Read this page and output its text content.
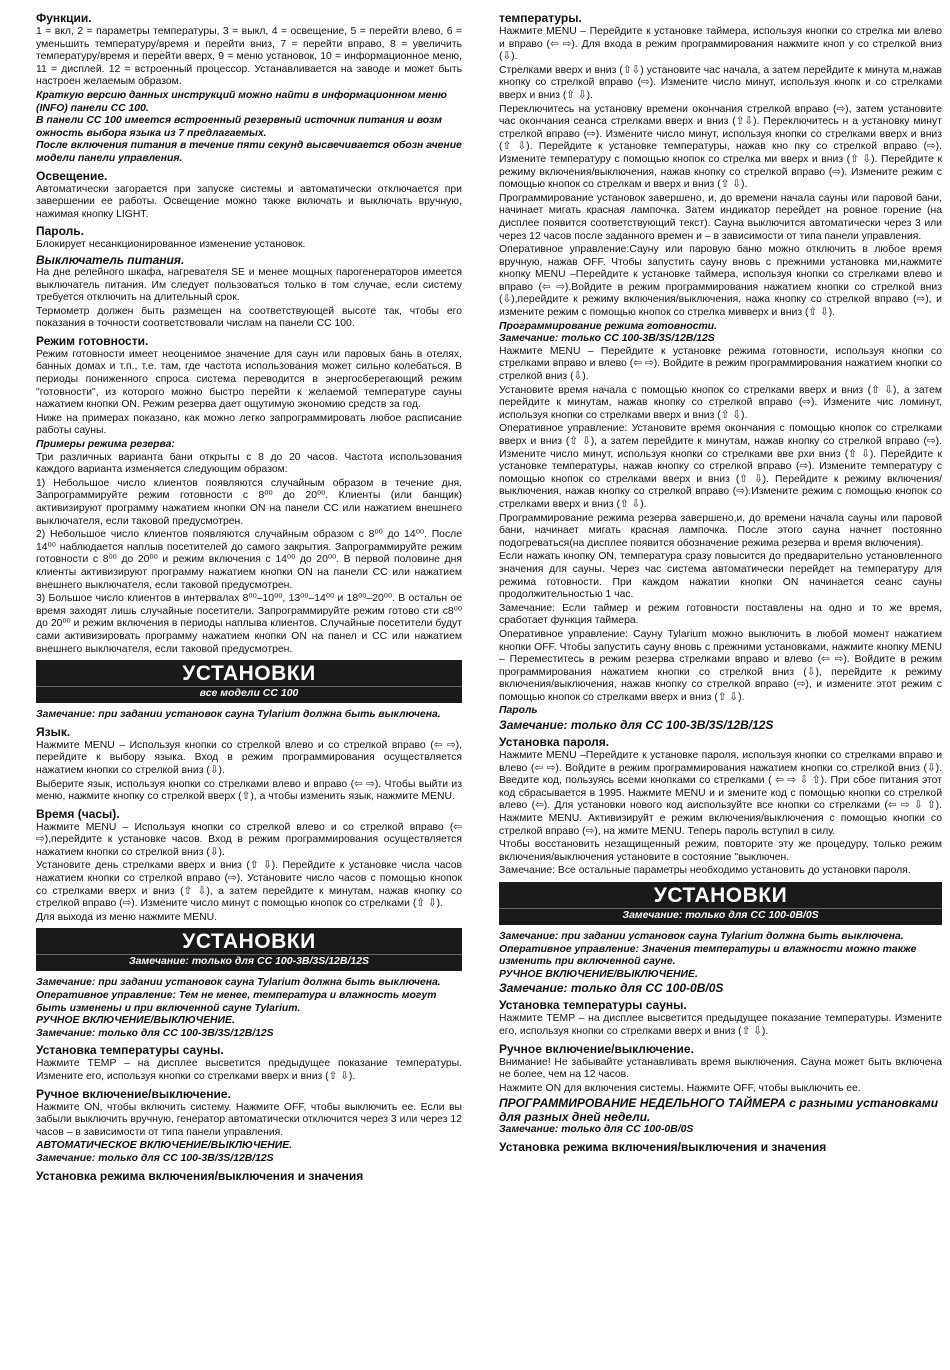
Функции.
1 = вкл, 2 = параметры температуры, 3 = выкл, 4 = освещение, 5 = перейти влево, 6 = уменьшить температуру/время и перейти вниз, 7 = перейти вправо, 8 = увеличить температуру/время и перейти вверх, 9 = меню установок, 10 = информационное меню, 11 = дисплей. 12 = встроенный процессор. Устанавливается на заводе и может быть настроен желаемым образом.
Краткую версию данных инструкций можно найти в информационном меню (INFO) панели CC 100.
В панели CC 100 имеется встроенный резервный источник питания и возм ожность выбора языка из 7 предлагаемых.
После включения питания в течение пяти секунд высвечивается обозн ачение модели панели управления.
Освещение.
Автоматически загорается при запуске системы и автоматически отключается при завершении ее работы. Освещение можно также включать и выключать вручную, нажимая кнопку LIGHT.
Пароль.
Блокирует несанкционированное изменение установок.
Выключатель питания.
На дне релейного шкафа, нагревателя SE и менее мощных парогенераторов имеется выключатель питания. Им следует пользоваться только в том случае, если систему требуется отключить на длительный срок.
Термометр должен быть размещен на соответствующей высоте так, чтобы его показания в точности соответствовали числам на панели CC 100.
Режим готовности.
Режим готовности имеет неоценимое значение для саун или паровых бань в отелях, банных домах и т.п., т.е. там, где частота использования может сильно колебаться. В периоды пониженного спроса система переводится в энергосберегающий режим "готовности", из которого можно быстро перейти к желаемой температуре сауны нажатием кнопки ON. Режим резерва дает ощутимую экономию средств за год.
Ниже на примерах показано, как можно легко запрограммировать любое расписание работы сауны.
Примеры режима резерва:
Три различных варианта бани открыты с 8 до 20 часов. Частота использования каждого варианта изменяется следующим образом:
1) Небольшое число клиентов появляются случайным образом в течение дня. Запрограммируйте режим готовности с 8⁰⁰ до 20⁰⁰. Клиенты (или банщик) активизируют программу нажатием кнопки ON на панели CC или нажатием внешнего выключателя, если таковой предусмотрен.
2) Небольшое число клиентов появляются случайным образом с 8⁰⁰ до 14⁰⁰. После 14⁰⁰ наблюдается наплыв посетителей до самого закрытия. Запрограммируйте режим готовности с 8⁰⁰ до 20⁰⁰ и режим включения с 14⁰⁰ до 20⁰⁰. В первой половине дня клиенты активизируют программу нажатием кнопки ON на панели CC или нажатием внешнего выключателя, если таковой предусмотрен.
3) Большое число клиентов в интервалах 8⁰⁰–10⁰⁰, 13⁰⁰–14⁰⁰ и 18⁰⁰–20⁰⁰. В остальн ое время заходят лишь случайные посетители. Запрограммируйте режим готово сти с8⁰⁰ до 20⁰⁰ и режим включения в периоды наплыва клиентов. Случайные посетители будут сами активизировать программу нажатием кнопки ON на панел и CC или нажатием внешнего выключателя, если таковой предусмотрен.
УСТАНОВКИ
все модели CC 100
Замечание: при задании установок сауна Tylarium должна быть выключена.
Язык.
Нажмите MENU – Используя кнопки со стрелкой влево и со стрелкой вправо (⇦ ⇨), перейдите к выбору языка. Вход в режим программирования осуществляется нажатием кнопки со стрелкой вниз (⇩).
Выберите язык, используя кнопки со стрелками влево и вправо (⇦ ⇨). Чтобы выйти из меню, нажмите кнопку со стрелкой вверх (⇧), а чтобы изменить язык, нажмите MENU.
Время (часы).
Нажмите MENU – Используя кнопки со стрелкой влево и со стрелкой вправо (⇦ ⇨),перейдите к установке часов. Вход в режим программирования осуществляется нажатием кнопки со стрелкой вниз (⇩).
Установите день стрелками вверх и вниз (⇧ ⇩). Перейдите к установке числа часов нажатием кнопки со стрелкой вправо (⇨). Установите число часов с помощью кнопок со стрелками вверх и вниз (⇧ ⇩), а затем перейдите к минутам, нажав кнопку со стрелкой вправо (⇨). Измените число минут с помощью кнопок со стрелками (⇧ ⇩).
Для выхода из меню нажмите MENU.
УСТАНОВКИ
Замечание: только для CC 100-3B/3S/12B/12S
Замечание: при задании установок сауна Tylarium должна быть выключена. Оперативное управление: Тем не менее, температура и влажность могут быть изменены и при включенной сауне Tylarium.
РУЧНОЕ ВКЛЮЧЕНИЕ/ВЫКЛЮЧЕНИЕ.
Замечание: только для CC 100-3B/3S/12B/12S
Установка температуры сауны.
Нажмите TEMP – на дисплее высветится предыдущее показание температуры. Измените его, используя кнопки со стрелками вверх и вниз (⇧ ⇩).
Ручное включение/выключение.
Нажмите ON, чтобы включить систему. Нажмите OFF, чтобы выключить ее. Если вы забыли выключить вручную, генератор автоматически отключится через 3 или через 12 часов – в зависимости от типа панели управления.
АВТОМАТИЧЕСКОЕ ВКЛЮЧЕНИЕ/ВЫКЛЮЧЕНИЕ.
Замечание: только для CC 100-3B/3S/12B/12S
Установка режима включения/выключения и значения
температуры.
Нажмите MENU – Перейдите к установке таймера, используя кнопки со стрелка ми влево и вправо (⇦ ⇨). Для входа в режим программирования нажмите кноп у со стрелкой вниз (⇩).
Стрелками вверх и вниз (⇧⇩) установите час начала, а затем перейдите к минута м,нажав кнопку со стрелкой вправо (⇨). Измените число минут, используя кнопк и со стрелками вверх и вниз (⇧ ⇩).
Переключитесь на установку времени окончания стрелкой вправо (⇨), затем установите час окончания сеанса стрелками вверх и вниз (⇧⇩). Переключитесь н а установку минут стрелкой вправо (⇨). Измените число минут, используя кнопки со стрелками вверх и вниз (⇧ ⇩). Перейдите к установке температуры, нажав кно пку со стрелкой вправо (⇨). Измените температуру с помощью кнопок со стрелка ми вверх и вниз (⇧ ⇩). Перейдите к режиму включения/выключения, нажав кнопку со стрелкой вправо (⇨). Измените режим с помощью кнопок со стрелкам и вверх и вниз (⇧ ⇩).
Программирование установок завершено, и, до времени начала сауны или паровой бани, начинает мигать красная лампочка. Затем индикатор перейдет на ровное горение (на дисплее появится соответствующий текст). Сауна выключится автоматически через 3 или через 12 часов после заданного времен и – в зависимости от типа панели управления.
Оперативное управление:Сауну или паровую баню можно отключить в любое время вручную, нажав OFF. Чтобы запустить сауну вновь с прежними установка ми,нажмите кнопку MENU –Перейдите к установке таймера, используя кнопки со стрелками влево и вправо (⇦ ⇨).Войдите в режим программирования нажатием кнопки со стрелкой вниз (⇩),перейдите к режиму включения/выключения, нажа кнопку со стрелкой вправо (⇨), и измените режим с помощью кнопок со стрелка мивверх и вниз (⇧ ⇩).
Программирование режима готовности.
Замечание: только CC 100-3B/3S/12B/12S
Нажмите MENU – Перейдите к установке режима готовности, используя кнопки со стрелками вправо и влево (⇦ ⇨). Войдите в режим программирования нажатием кнопки со стрелкой вниз (⇩).
Установите время начала с помощью кнопок со стрелками вверх и вниз (⇧ ⇩), а затем перейдите к минутам, нажав кнопку со стрелкой вправо (⇨). Измените чис ломинут, используя кнопки со стрелками вверх и вниз (⇧ ⇩).
Оперативное управление: Установите время окончания с помощью кнопок со стрелками вверх и вниз (⇧ ⇩), а затем перейдите к минутам, нажав кнопку со стрелкой вправо (⇨). Измените число минут, используя кнопки со стрелками вве рхи вниз (⇧ ⇩). Перейдите к установке температуры, нажав кнопку со стрелкой вправо (⇨). Измените температуру с помощью кнопок со стрелками вверх и вниз (⇧ ⇩). Перейдите к режиму включения/выключения, нажав кнопку со стрелкой вправо (⇨).Измените режим с помощью кнопок со стрелками вверх и вниз (⇧ ⇩).
Программирование режима резерва завершено,и, до времени начала сауны или паровой бани, начинает мигать красная лампочка. После этого сауна начнет постоянно подогреваться(на дисплее появится обозначение режима резерва и время включения).
Если нажать кнопку ON, температура сразу повысится до предварительно установленного значения для сауны. Через час система автоматически перейдет на температуру для режима готовности. При каждом нажатии кнопки ON начинается сеанс сауны продолжительностью 1 час.
Замечание: Если таймер и режим готовности поставлены на одно и то же время, сработает функция таймера.
Оперативное управление: Сауну Tylarium можно выключить в любой момент нажатием кнопки OFF. Чтобы запустить сауну вновь с прежними установками, нажмите кнопку MENU – Переместитесь в режим резерва стрелками вправо и влево (⇦ ⇨). Войдите в режим программирования нажатием кнопки со стрелкой вниз (⇩), перейдите к режиму включения/выключения, нажав кнопку со стрелкой вправо (⇨), и измените этот режим с помощью кнопок со стрелками вверх и вниз (⇧ ⇩).
Пароль
Замечание: только для CC 100-3B/3S/12B/12S
Установка пароля.
Нажмите MENU –Перейдите к установке пароля, используя кнопки со стрелками вправо и влево (⇦ ⇨). Войдите в режим программирования нажатием кнопки со стрелкой вниз (⇩). Введите код, пользуясь всеми кнопками со стрелками ( ⇦ ⇨ ⇩ ⇧). При сбое питания этот код сбрасывается в 1995. Нажмите MENU и и змените код с помощью кнопки со стрелкой влево (⇦). Для установки нового код аиспользуйте все кнопки со стрелками (⇦ ⇨ ⇩ ⇧). Нажмите MENU. Активизируйт е режим включения/выключения с помощью кнопки со стрелкой вправо (⇨), на жмите MENU. Теперь пароль вступил в силу.
Чтобы восстановить незащищенный режим, повторите эту же процедуру, только режим включения/выключения установите в состояние "выключен.
Замечание: Все остальные параметры необходимо установить до установки пароля.
УСТАНОВКИ
Замечание: только для CC 100-0B/0S
Замечание: при задании установок сауна Tylarium должна быть выключена. Оперативное управление: Значения температуры и влажности можно также изменить при включенной сауне.
РУЧНОЕ ВКЛЮЧЕНИЕ/ВЫКЛЮЧЕНИЕ.
Замечание: только для CC 100-0B/0S
Установка температуры сауны.
Нажмите TEMP – на дисплее высветится предыдущее показание температуры. Измените его, используя кнопки со стрелками вверх и вниз (⇧ ⇩).
Ручное включение/выключение.
Внимание! Не забывайте устанавливать время выключения. Сауна может быть включена не более, чем на 12 часов.
Нажмите ON для включения системы. Нажмите OFF, чтобы выключить ее.
ПРОГРАММИРОВАНИЕ НЕДЕЛЬНОГО ТАЙМЕРА с разными установками для разных дней недели.
Замечание: только для CC 100-0B/0S
Установка режима включения/выключения и значения
